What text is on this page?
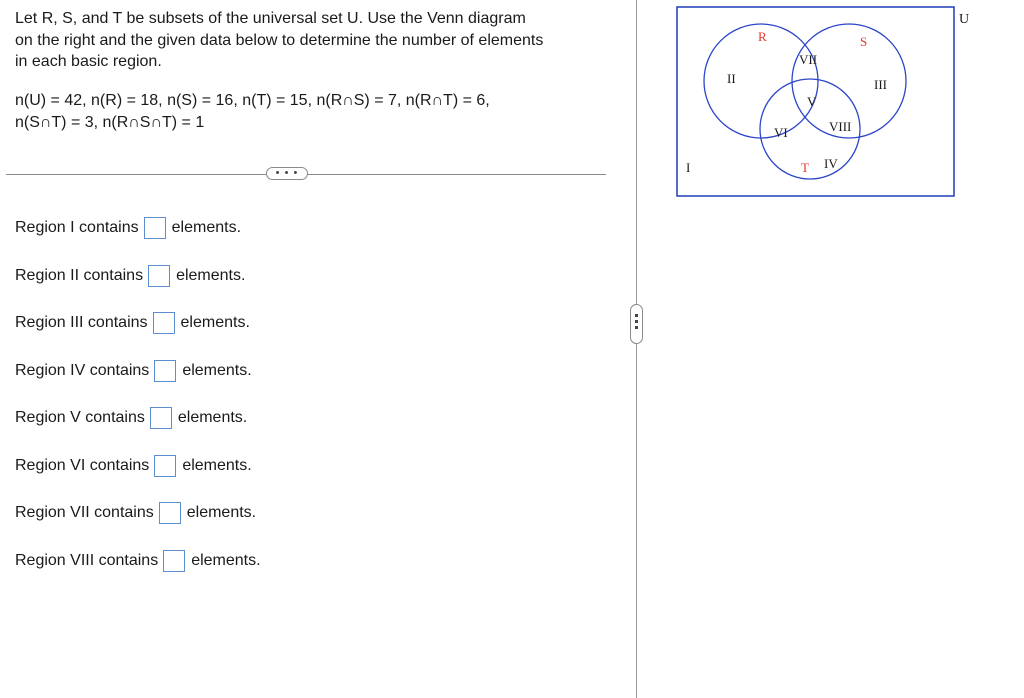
Let R, S, and T be subsets of the universal set U. Use the Venn diagram
on the right and the given data below to determine the number of elements
in each basic region.
n(U) = 42, n(R) = 18, n(S) = 16, n(T) = 15, n(R∩S) = 7, n(R∩T) = 6,
n(S∩T) = 3, n(R∩S∩T) = 1
• • •
Region I contains elements.
Region II contains elements.
Region III contains elements.
Region IV contains elements.
Region V contains elements.
Region VI contains elements.
Region VII contains elements.
Region VIII contains elements.
U
R	S
T
I
II	III
IV
V
VI
VII
VIII
